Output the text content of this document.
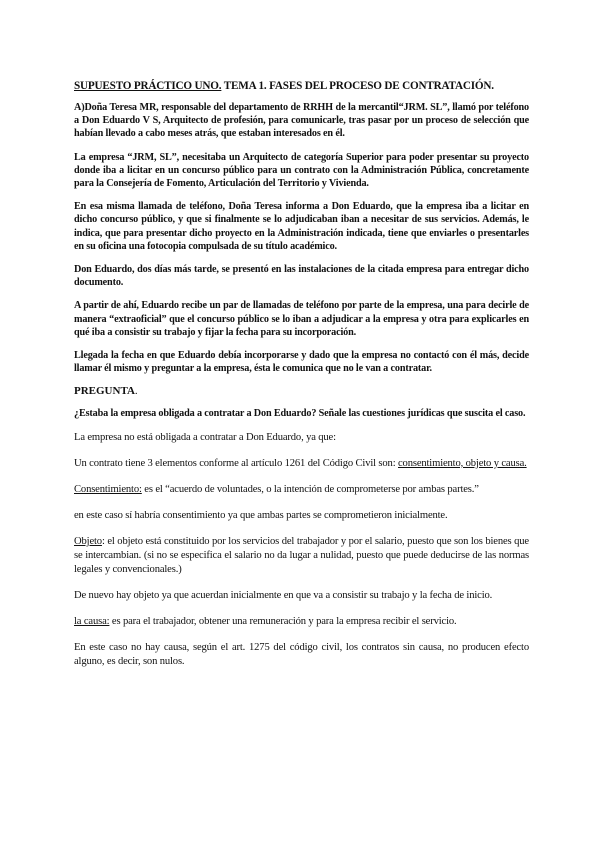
SUPUESTO PRÁCTICO UNO. TEMA 1. FASES DEL PROCESO DE CONTRATACIÓN.

A)Doña Teresa MR, responsable del departamento de RRHH de la mercantil“JRM. SL”, llamó por teléfono a Don Eduardo V S, Arquitecto de profesión, para comunicarle, tras pasar por un proceso de selección que habían llevado a cabo meses atrás, que estaban interesados en él.

La empresa “JRM, SL”, necesitaba un Arquitecto de categoría Superior para poder presentar su proyecto donde iba a licitar en un concurso público para un contrato con la Administración Pública, concretamente para la Consejería de Fomento, Articulación del Territorio y Vivienda.

En esa misma llamada de teléfono, Doña Teresa informa a Don Eduardo, que la empresa iba a licitar en dicho concurso público, y que si finalmente se lo adjudicaban iban a necesitar de sus servicios. Además, le indica, que para presentar dicho proyecto en la Administración indicada, tiene que enviarles o presentarles en su oficina una fotocopia compulsada de su título académico.

Don Eduardo, dos días más tarde, se presentó en las instalaciones de la citada empresa para entregar dicho documento.

A partir de ahí, Eduardo recibe un par de llamadas de teléfono por parte de la empresa, una para decirle de manera “extraoficial” que el concurso público se lo iban a adjudicar a la empresa y otra para explicarles en qué iba a consistir su trabajo y fijar la fecha para su incorporación.

Llegada la fecha en que Eduardo debía incorporarse y dado que la empresa no contactó con él más, decide llamar él mismo y preguntar a la empresa, ésta le comunica que no le van a contratar.

PREGUNTA.

¿Estaba la empresa obligada a contratar a Don Eduardo? Señale las cuestiones jurídicas que suscita el caso.

La empresa no está obligada a contratar a Don Eduardo, ya que:

Un contrato tiene 3 elementos conforme al artículo 1261 del Código Civil son: consentimiento, objeto y causa.

Consentimiento: es el “acuerdo de voluntades, o la intención de comprometerse por ambas partes.”

en este caso sí habría consentimiento ya que ambas partes se comprometieron inicialmente.

Objeto: el objeto está constituido por los servicios del trabajador y por el salario, puesto que son los bienes que se intercambian. (si no se especifica el salario no da lugar a nulidad, puesto que puede deducirse de las normas legales y convencionales.)

De nuevo hay objeto ya que acuerdan inicialmente en que va a consistir su trabajo y la fecha de inicio.

la causa: es para el trabajador, obtener una remuneración y para la empresa recibir el servicio.

En este caso no hay causa, según el art. 1275 del código civil, los contratos sin causa, no producen efecto alguno, es decir, son nulos.
